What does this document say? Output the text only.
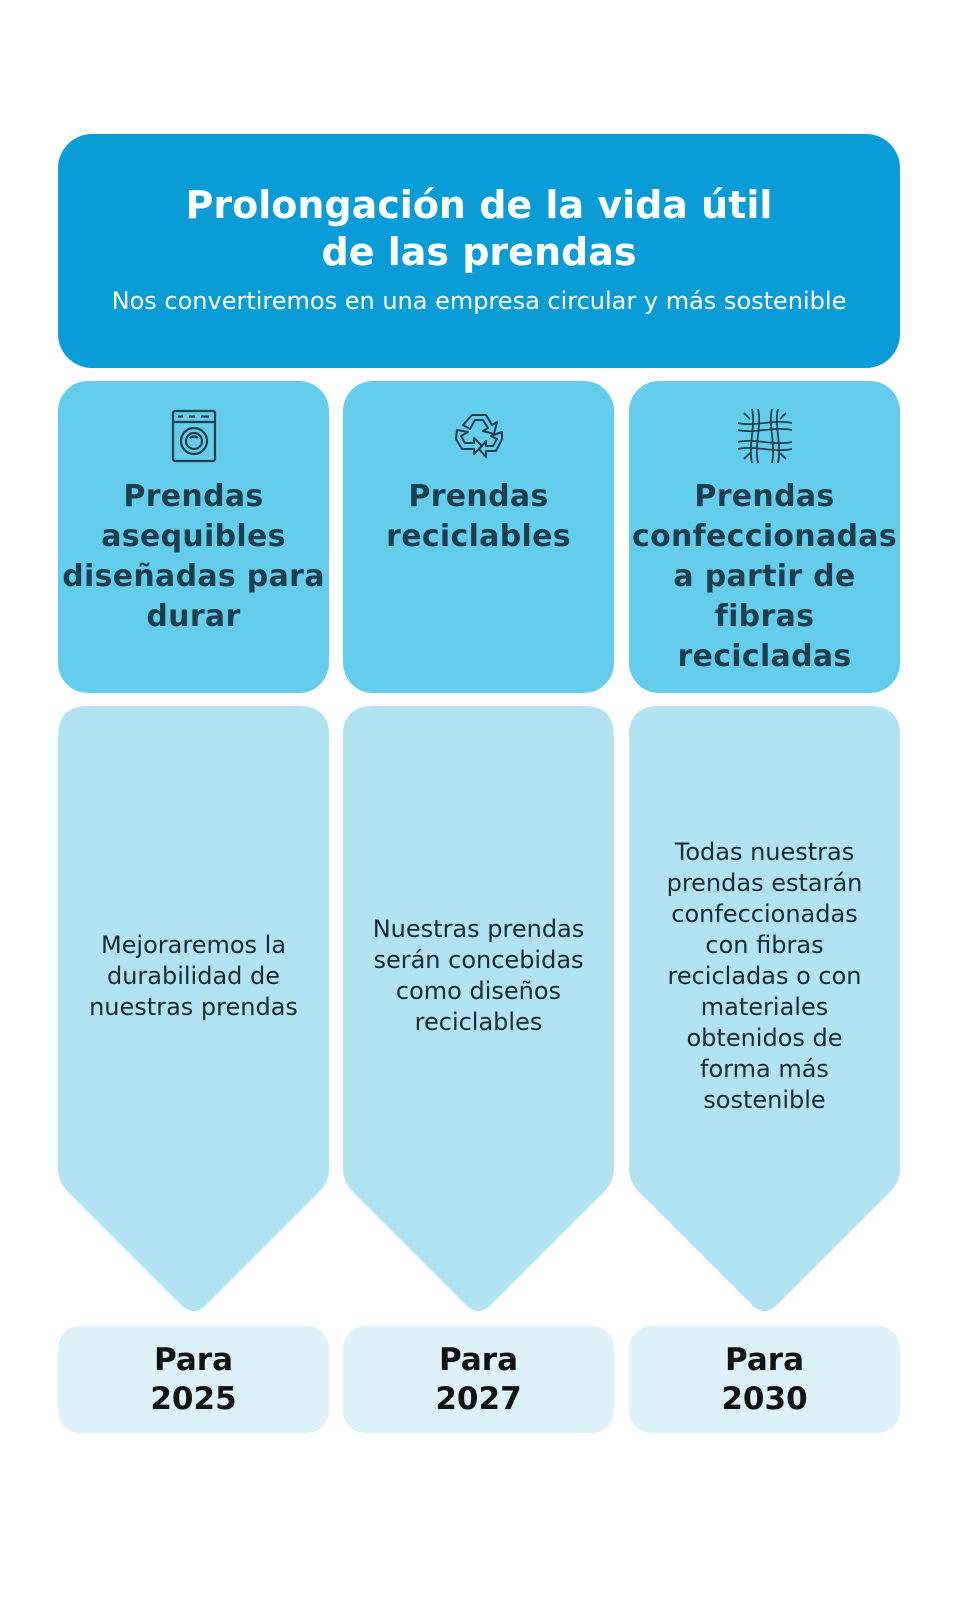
Prolongación de la vida útil
de las prendas
Nos convertiremos en una empresa circular y más sostenible
Prendas asequibles diseñadas para durar
Mejoraremos la durabilidad de nuestras prendas
Para
2025
Prendas reciclables
Nuestras prendas serán concebidas como diseños reciclables
Para
2027
Prendas confeccionadas a partir de fibras recicladas
Todas nuestras prendas estarán confeccionadas con fibras recicladas o con materiales obtenidos de forma más sostenible
Para
2030
